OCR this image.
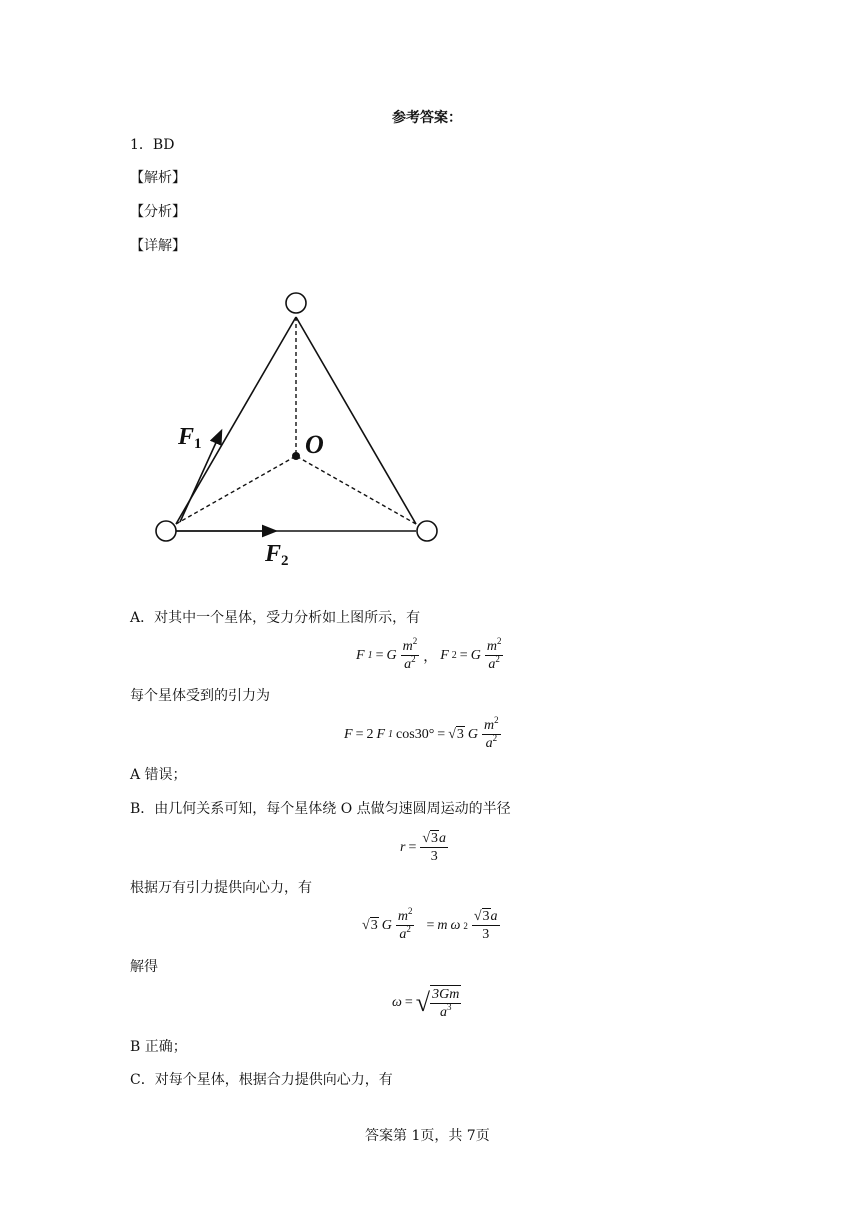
参考答案：
1．BD
【解析】
【分析】
【详解】
F1	O
F2
A．对其中一个星体，受力分析如上图所示，有
F 1 = G $\frac{m^2}{a^2}$ ， F 2 = G $\frac{m^2}{a^2}$
每个星体受到的引力为
F = 2 F 1 cos30° = √3 G $\frac{m^2}{a^2}$
A 错误；
B．由几何关系可知，每个星体绕 O 点做匀速圆周运动的半径
$r = \frac{√3a}{3}$
根据万有引力提供向心力，有
√3 G $\frac{m^2}{a^2} = m$ ω $2 \frac{√3a}{3}$
解得
ω = √ $\frac{3Gm}{a^3}$
B 正确；
C．对每个星体，根据合力提供向心力，有
答案第 1页，共 7页
